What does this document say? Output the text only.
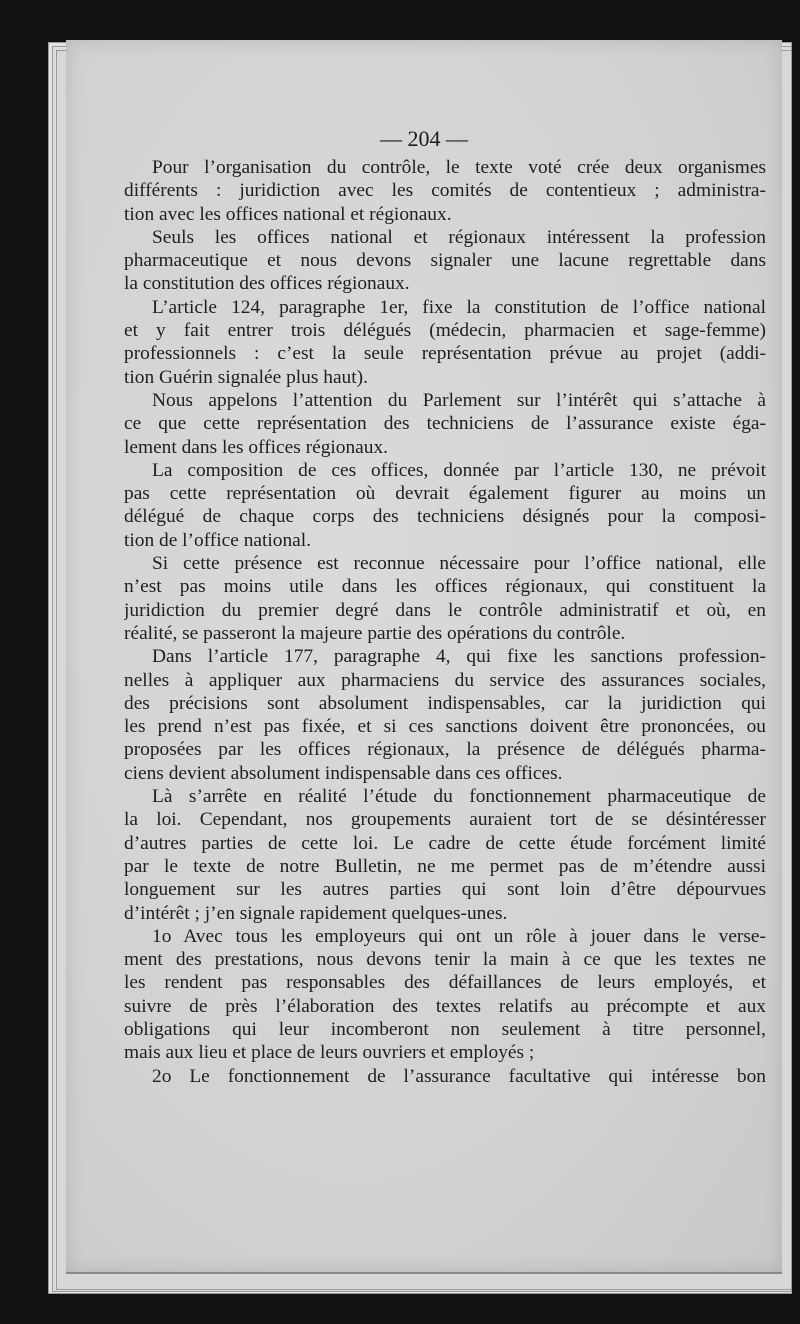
— 204 —
Pour l’organisation du contrôle, le texte voté crée deux organismes
différents : juridiction avec les comités de contentieux ; administra-
tion avec les offices national et régionaux.
Seuls les offices national et régionaux intéressent la profession
pharmaceutique et nous devons signaler une lacune regrettable dans
la constitution des offices régionaux.
L’article 124, paragraphe 1er, fixe la constitution de l’office national
et y fait entrer trois délégués (médecin, pharmacien et sage-femme)
professionnels : c’est la seule représentation prévue au projet (addi-
tion Guérin signalée plus haut).
Nous appelons l’attention du Parlement sur l’intérêt qui s’attache à
ce que cette représentation des techniciens de l’assurance existe éga-
lement dans les offices régionaux.
La composition de ces offices, donnée par l’article 130, ne prévoit
pas cette représentation où devrait également figurer au moins un
délégué de chaque corps des techniciens désignés pour la composi-
tion de l’office national.
Si cette présence est reconnue nécessaire pour l’office national, elle
n’est pas moins utile dans les offices régionaux, qui constituent la
juridiction du premier degré dans le contrôle administratif et où, en
réalité, se passeront la majeure partie des opérations du contrôle.
Dans l’article 177, paragraphe 4, qui fixe les sanctions profession-
nelles à appliquer aux pharmaciens du service des assurances sociales,
des précisions sont absolument indispensables, car la juridiction qui
les prend n’est pas fixée, et si ces sanctions doivent être prononcées, ou
proposées par les offices régionaux, la présence de délégués pharma-
ciens devient absolument indispensable dans ces offices.
Là s’arrête en réalité l’étude du fonctionnement pharmaceutique de
la loi. Cependant, nos groupements auraient tort de se désintéresser
d’autres parties de cette loi. Le cadre de cette étude forcément limité
par le texte de notre Bulletin, ne me permet pas de m’étendre aussi
longuement sur les autres parties qui sont loin d’être dépourvues
d’intérêt ; j’en signale rapidement quelques-unes.
1o Avec tous les employeurs qui ont un rôle à jouer dans le verse-
ment des prestations, nous devons tenir la main à ce que les textes ne
les rendent pas responsables des défaillances de leurs employés, et
suivre de près l’élaboration des textes relatifs au précompte et aux
obligations qui leur incomberont non seulement à titre personnel,
mais aux lieu et place de leurs ouvriers et employés ;
2o Le fonctionnement de l’assurance facultative qui intéresse bon
